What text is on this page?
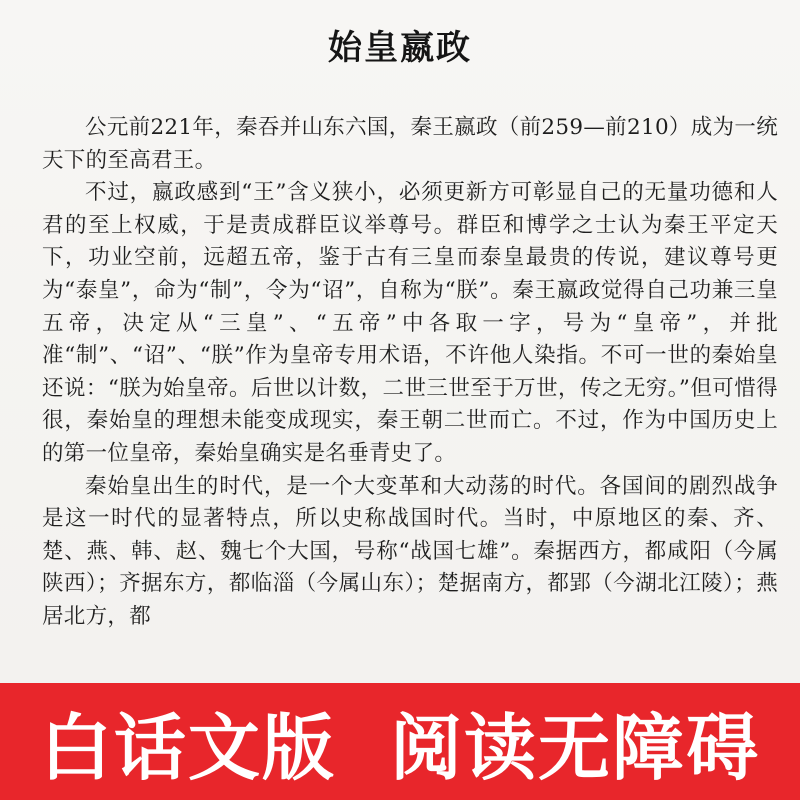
始皇嬴政

公元前221年，秦吞并山东六国，秦王嬴政（前259—前210）成为一统天下的至高君王。

不过，嬴政感到“王”含义狭小，必须更新方可彰显自己的无量功德和人君的至上权威，于是责成群臣议举尊号。群臣和博学之士认为秦王平定天下，功业空前，远超五帝，鉴于古有三皇而泰皇最贵的传说，建议尊号更为“泰皇”，命为“制”，令为“诏”，自称为“朕”。秦王嬴政觉得自己功兼三皇五帝，决定从“三皇”、“五帝”中各取一字，号为“皇帝”，并批准“制”、“诏”、“朕”作为皇帝专用术语，不许他人染指。不可一世的秦始皇还说：“朕为始皇帝。后世以计数，二世三世至于万世，传之无穷。”但可惜得很，秦始皇的理想未能变成现实，秦王朝二世而亡。不过，作为中国历史上的第一位皇帝，秦始皇确实是名垂青史了。

秦始皇出生的时代，是一个大变革和大动荡的时代。各国间的剧烈战争是这一时代的显著特点，所以史称战国时代。当时，中原地区的秦、齐、楚、燕、韩、赵、魏七个大国，号称“战国七雄”。秦据西方，都咸阳（今属陕西）；齐据东方，都临淄（今属山东）；楚据南方，都郢（今湖北江陵）；燕居北方，都

白话文版  阅读无障碍
